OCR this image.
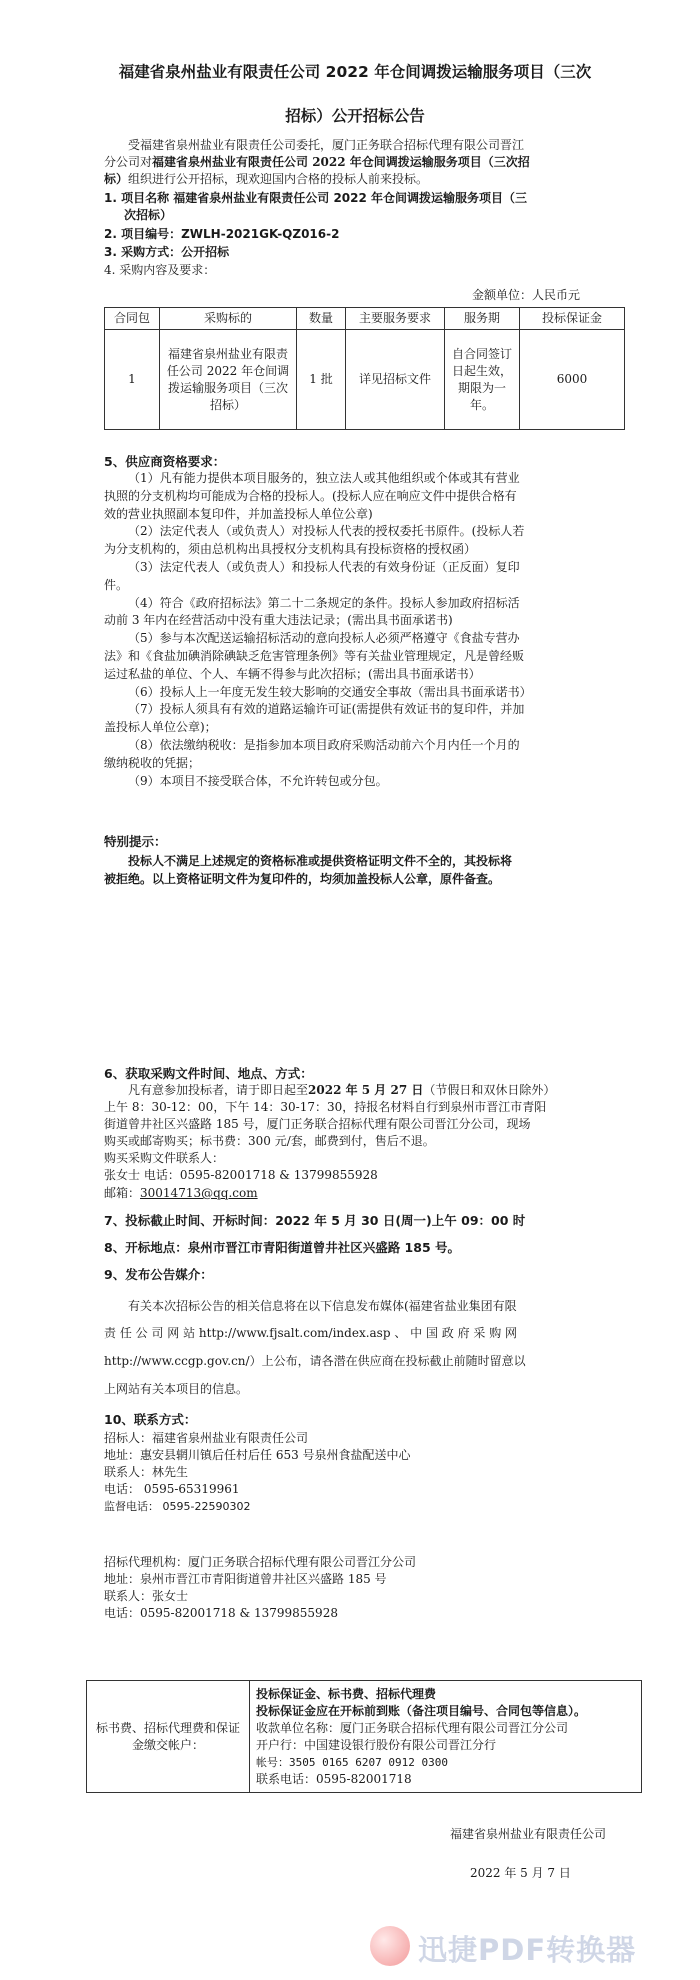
福建省泉州盐业有限责任公司 2022 年仓间调拨运输服务项目（三次
招标）公开招标公告
受福建省泉州盐业有限责任公司委托，厦门正务联合招标代理有限公司晋江
分公司对福建省泉州盐业有限责任公司 2022 年仓间调拨运输服务项目（三次招
标）组织进行公开招标，现欢迎国内合格的投标人前来投标。
1. 项目名称 福建省泉州盐业有限责任公司 2022 年仓间调拨运输服务项目（三
次招标）
2. 项目编号：ZWLH-2021GK-QZ016-2
3. 采购方式：公开招标
4. 采购内容及要求：
金额单位：人民币元
合同包	采购标的	数量	主要服务要求	服务期	投标保证金
1	福建省泉州盐业有限责任公司 2022 年仓间调拨运输服务项目（三次招标）	1 批	详见招标文件	自合同签订日起生效，期限为一年。	6000
5、供应商资格要求：
（1）凡有能力提供本项目服务的，独立法人或其他组织或个体或其有营业
执照的分支机构均可能成为合格的投标人。(投标人应在响应文件中提供合格有
效的营业执照副本复印件，并加盖投标人单位公章)
（2）法定代表人（或负责人）对投标人代表的授权委托书原件。(投标人若
为分支机构的，须由总机构出具授权分支机构具有投标资格的授权函）
（3）法定代表人（或负责人）和投标人代表的有效身份证（正反面）复印
件。
（4）符合《政府招标法》第二十二条规定的条件。投标人参加政府招标活
动前 3 年内在经营活动中没有重大违法记录；(需出具书面承诺书)
（5）参与本次配送运输招标活动的意向投标人必须严格遵守《食盐专营办
法》和《食盐加碘消除碘缺乏危害管理条例》等有关盐业管理规定，凡是曾经贩
运过私盐的单位、个人、车辆不得参与此次招标；(需出具书面承诺书）
（6）投标人上一年度无发生较大影响的交通安全事故（需出具书面承诺书）
（7）投标人须具有有效的道路运输许可证(需提供有效证书的复印件，并加
盖投标人单位公章)；
（8）依法缴纳税收：是指参加本项目政府采购活动前六个月内任一个月的
缴纳税收的凭据；
（9）本项目不接受联合体，不允许转包或分包。
特别提示：
投标人不满足上述规定的资格标准或提供资格证明文件不全的，其投标将
被拒绝。以上资格证明文件为复印件的，均须加盖投标人公章，原件备查。
6、获取采购文件时间、地点、方式：
凡有意参加投标者，请于即日起至2022 年 5 月 27 日（节假日和双休日除外）
上午 8：30-12：00，下午 14：30-17：30，持报名材料自行到泉州市晋江市青阳
街道曾井社区兴盛路 185 号，厦门正务联合招标代理有限公司晋江分公司，现场
购买或邮寄购买；标书费：300 元/套，邮费到付，售后不退。
购买采购文件联系人：
张女士 电话：0595-82001718 & 13799855928
邮箱：30014713@qq.com
7、投标截止时间、开标时间：2022 年 5 月 30 日(周一)上午 09：00 时
8、开标地点：泉州市晋江市青阳街道曾井社区兴盛路 185 号。
9、发布公告媒介：
有关本次招标公告的相关信息将在以下信息发布媒体(福建省盐业集团有限
责 任 公 司 网 站 http://www.fjsalt.com/index.asp 、 中 国 政 府 采 购 网
http://www.ccgp.gov.cn/）上公布，请各潜在供应商在投标截止前随时留意以
上网站有关本项目的信息。
10、联系方式：
招标人：福建省泉州盐业有限责任公司
地址：惠安县辋川镇后任村后任 653 号泉州食盐配送中心
联系人：林先生
电话： 0595-65319961
监督电话： 0595-22590302
招标代理机构：厦门正务联合招标代理有限公司晋江分公司
地址：泉州市晋江市青阳街道曾井社区兴盛路 185 号
联系人：张女士
电话：0595-82001718 & 13799855928
标书费、招标代理费和保证金缴交帐户：	
投标保证金、标书费、招标代理费
投标保证金应在开标前到账（备注项目编号、合同包等信息）。
收款单位名称：厦门正务联合招标代理有限公司晋江分公司
开户行：中国建设银行股份有限公司晋江分行
帐号：3505 0165 6207 0912 0300
联系电话：0595-82001718
福建省泉州盐业有限责任公司
2022 年 5 月 7 日
迅捷PDF转换器
